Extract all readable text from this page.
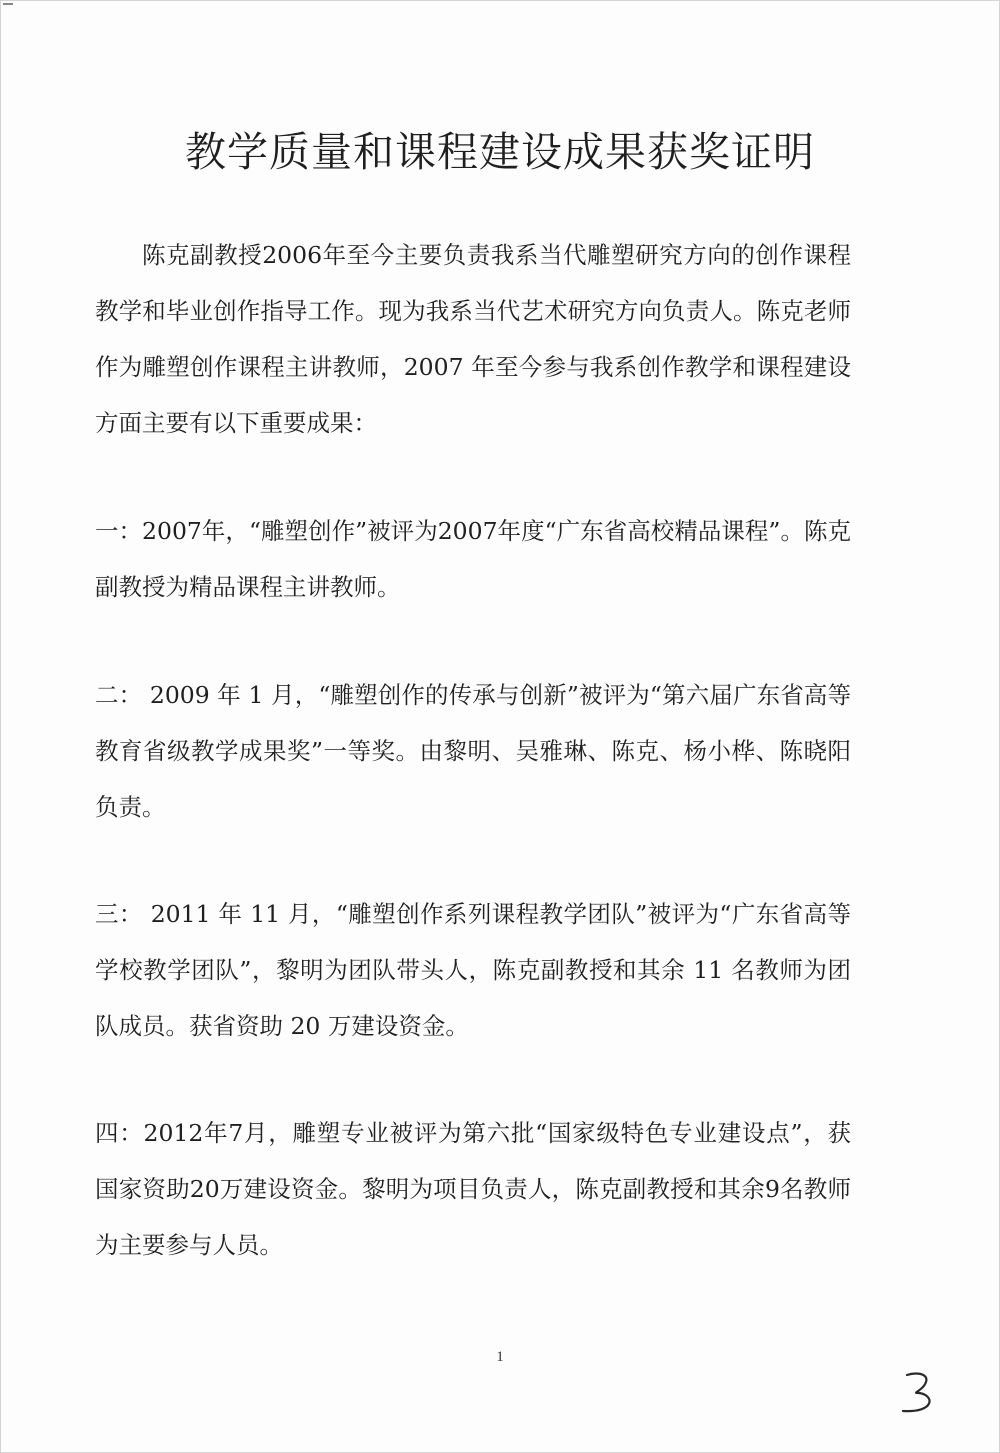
教学质量和课程建设成果获奖证明

陈克副教授2006年至今主要负责我系当代雕塑研究方向的创作课程教学和毕业创作指导工作。现为我系当代艺术研究方向负责人。陈克老师作为雕塑创作课程主讲教师，2007 年至今参与我系创作教学和课程建设方面主要有以下重要成果：

一：2007年，“雕塑创作”被评为2007年度“广东省高校精品课程”。陈克副教授为精品课程主讲教师。

二： 2009 年 1 月，“雕塑创作的传承与创新”被评为“第六届广东省高等教育省级教学成果奖”一等奖。由黎明、吴雅琳、陈克、杨小桦、陈晓阳负责。

三： 2011 年 11 月，“雕塑创作系列课程教学团队”被评为“广东省高等学校教学团队”，黎明为团队带头人，陈克副教授和其余 11 名教师为团队成员。获省资助 20 万建设资金。

四：2012年7月，雕塑专业被评为第六批“国家级特色专业建设点”，获国家资助20万建设资金。黎明为项目负责人，陈克副教授和其余9名教师为主要参与人员。

1
